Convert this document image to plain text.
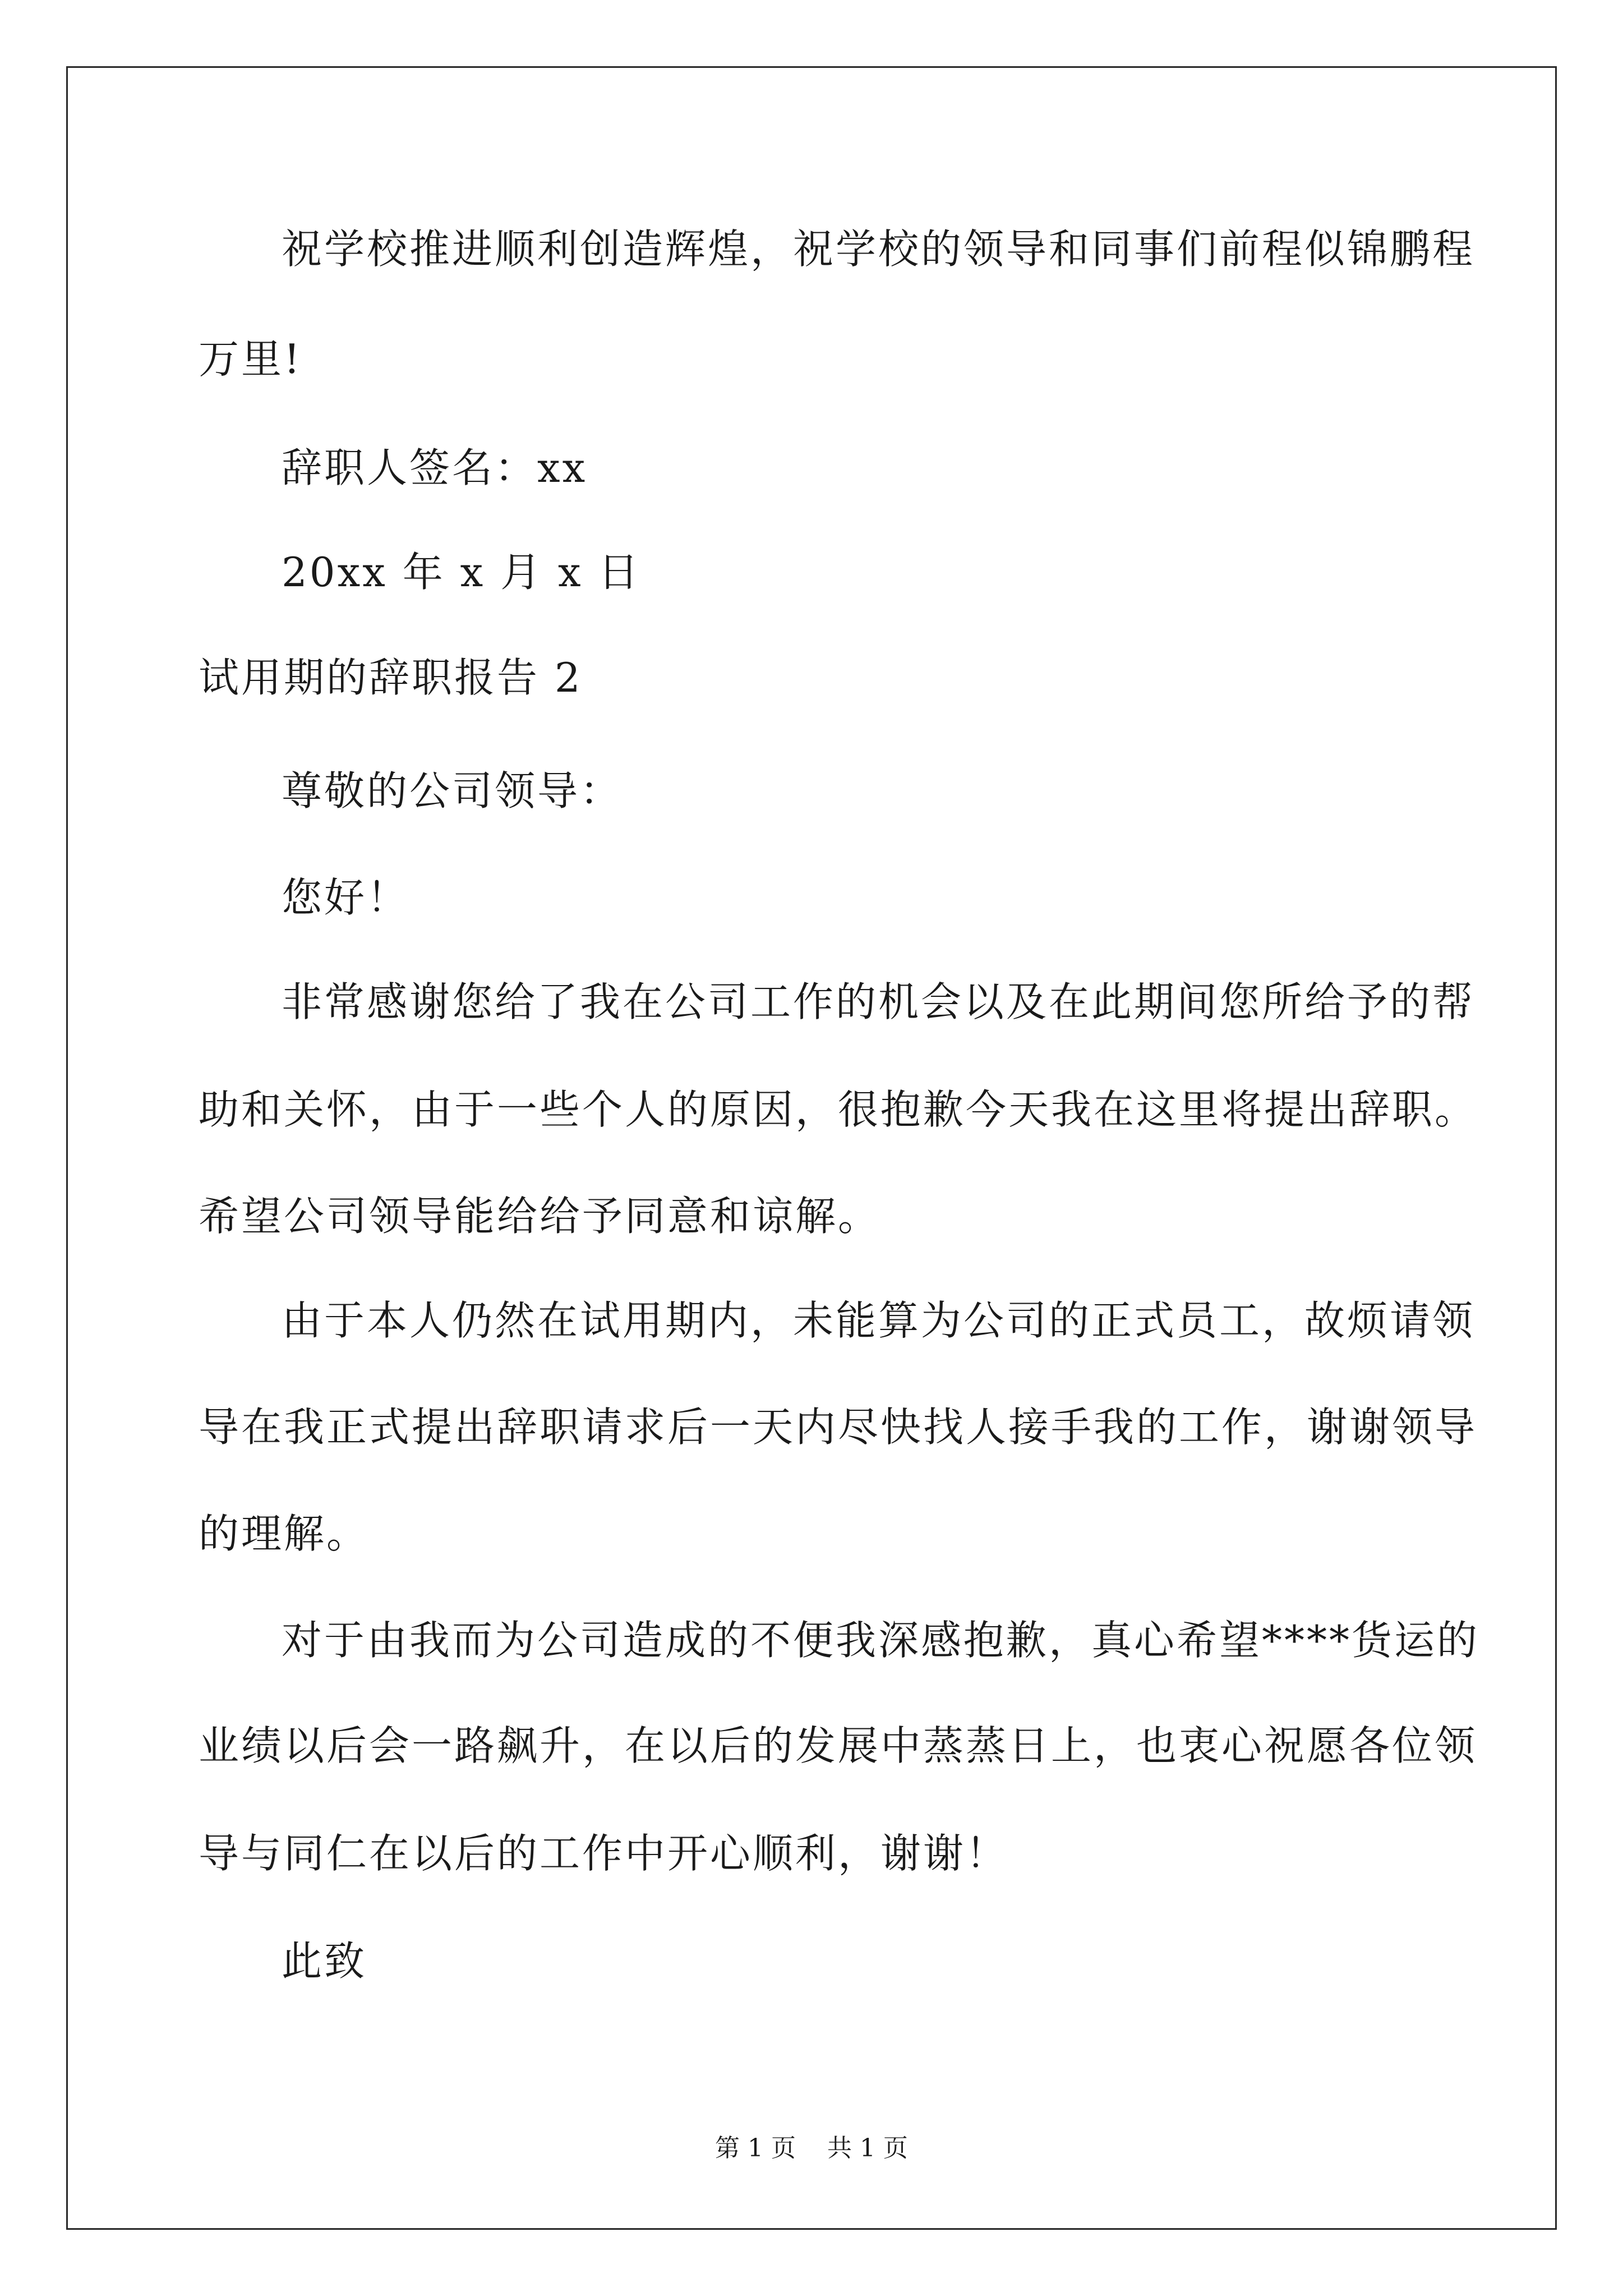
祝学校推进顺利创造辉煌，祝学校的领导和同事们前程似锦鹏程
万里!
辞职人签名：xx
20xx 年 x 月 x 日
试用期的辞职报告 2
尊敬的公司领导：
您好！
非常感谢您给了我在公司工作的机会以及在此期间您所给予的帮
助和关怀，由于一些个人的原因，很抱歉今天我在这里将提出辞职。
希望公司领导能给给予同意和谅解。
由于本人仍然在试用期内，未能算为公司的正式员工，故烦请领
导在我正式提出辞职请求后一天内尽快找人接手我的工作，谢谢领导
的理解。
对于由我而为公司造成的不便我深感抱歉，真心希望****货运的
业绩以后会一路飙升，在以后的发展中蒸蒸日上，也衷心祝愿各位领
导与同仁在以后的工作中开心顺利，谢谢！
此致
第 1 页    共 1 页
